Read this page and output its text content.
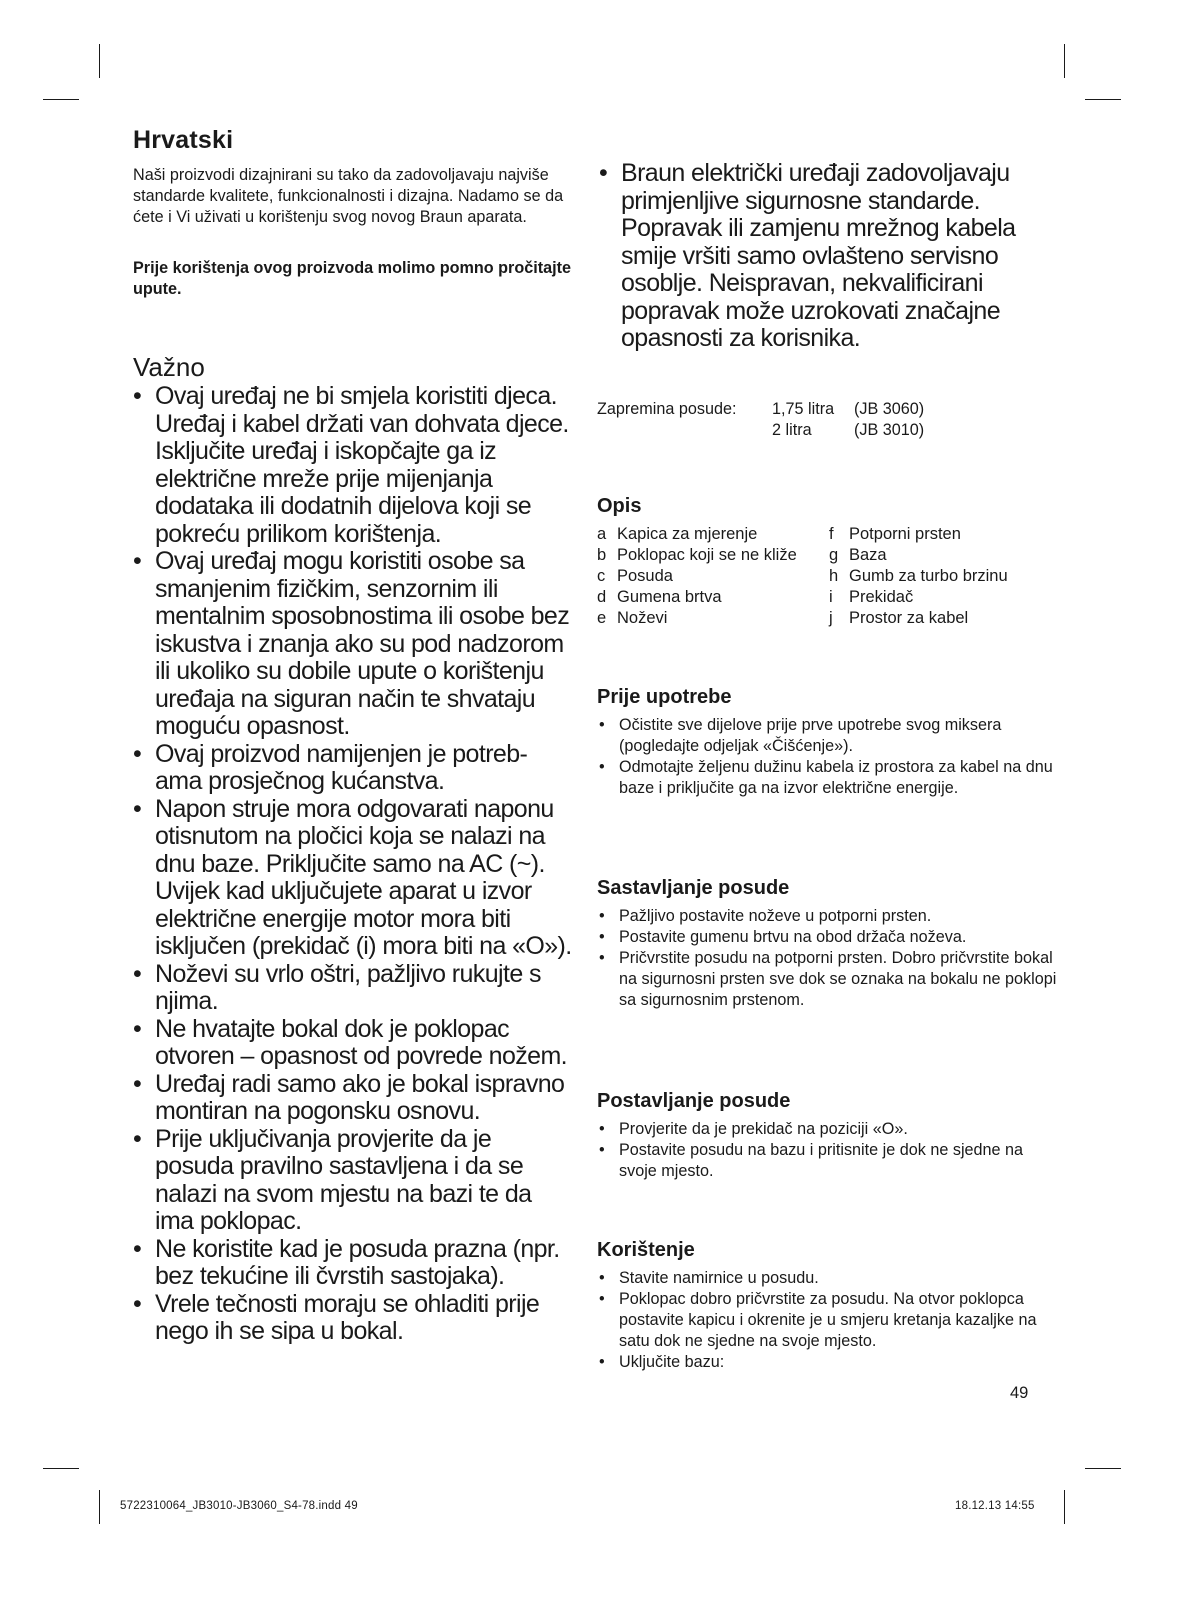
Hrvatski

Naši proizvodi dizajnirani su tako da zadovoljavaju najviše standarde kvalitete, funkcionalnosti i dizajna. Nadamo se da ćete i Vi uživati u korištenju svog novog Braun aparata.

Prije korištenja ovog proizvoda molimo pomno pročitajte upute.

Važno
• Ovaj uređaj ne bi smjela koristiti djeca. Uređaj i kabel držati van dohvata djece. Isključite uređaj i iskopčajte ga iz električne mreže prije mijenjanja dodataka ili dodatnih dijelova koji se pokreću prilikom korištenja.
• Ovaj uređaj mogu koristiti osobe sa smanjenim fizičkim, senzornim ili mentalnim sposobnostima ili osobe bez iskustva i znanja ako su pod nadzorom ili ukoliko su dobile upute o korištenju uređaja na siguran način te shvataju moguću opasnost.
• Ovaj proizvod namijenjen je potreb-ama prosječnog kućanstva.
• Napon struje mora odgovarati naponu otisnutom na pločici koja se nalazi na dnu baze. Priključite samo na AC (~). Uvijek kad uključujete aparat u izvor električne energije motor mora biti isključen (prekidač (i) mora biti na «O»).
• Noževi su vrlo oštri, pažljivo rukujte s njima.
• Ne hvatajte bokal dok je poklopac otvoren – opasnost od povrede nožem.
• Uređaj radi samo ako je bokal ispravno montiran na pogonsku osnovu.
• Prije uključivanja provjerite da je posuda pravilno sastavljena i da se nalazi na svom mjestu na bazi te da ima poklopac.
• Ne koristite kad je posuda prazna (npr. bez tekućine ili čvrstih sastojaka).
• Vrele tečnosti moraju se ohladiti prije nego ih se sipa u bokal.
• Braun električki uređaji zadovoljavaju primjenljive sigurnosne standarde. Popravak ili zamjenu mrežnog kabela smije vršiti samo ovlašteno servisno osoblje. Neispravan, nekvalificirani popravak može uzrokovati značajne opasnosti za korisnika.
Zapremina posude:	1,75 litra	(JB 3060)
2 litra	(JB 3010)
Opis
a Kapica za mjerenje	f Potporni prsten
b Poklopac koji se ne kliže g Baza
c Posuda	h Gumb za turbo brzinu
d Gumena brtva	i Prekidač
e Noževi	j Prostor za kabel
Prije upotrebe
• Očistite sve dijelove prije prve upotrebe svog miksera (pogledajte odjeljak «Čišćenje»).
• Odmotajte željenu dužinu kabela iz prostora za kabel na dnu baze i priključite ga na izvor električne energije.
Sastavljanje posude
• Pažljivo postavite noževe u potporni prsten.
• Postavite gumenu brtvu na obod držača noževa.
• Pričvrstite posudu na potporni prsten. Dobro pričvrstite bokal na sigurnosni prsten sve dok se oznaka na bokalu ne poklopi sa sigurnosnim prstenom.
Postavljanje posude
• Provjerite da je prekidač na poziciji «O».
• Postavite posudu na bazu i pritisnite je dok ne sjedne na svoje mjesto.
Korištenje
• Stavite namirnice u posudu.
• Poklopac dobro pričvrstite za posudu. Na otvor poklopca postavite kapicu i okrenite je u smjeru kretanja kazaljke na satu dok ne sjedne na svoje mjesto.
• Uključite bazu:
49
5722310064_JB3010-JB3060_S4-78.indd 49	18.12.13 14:55
